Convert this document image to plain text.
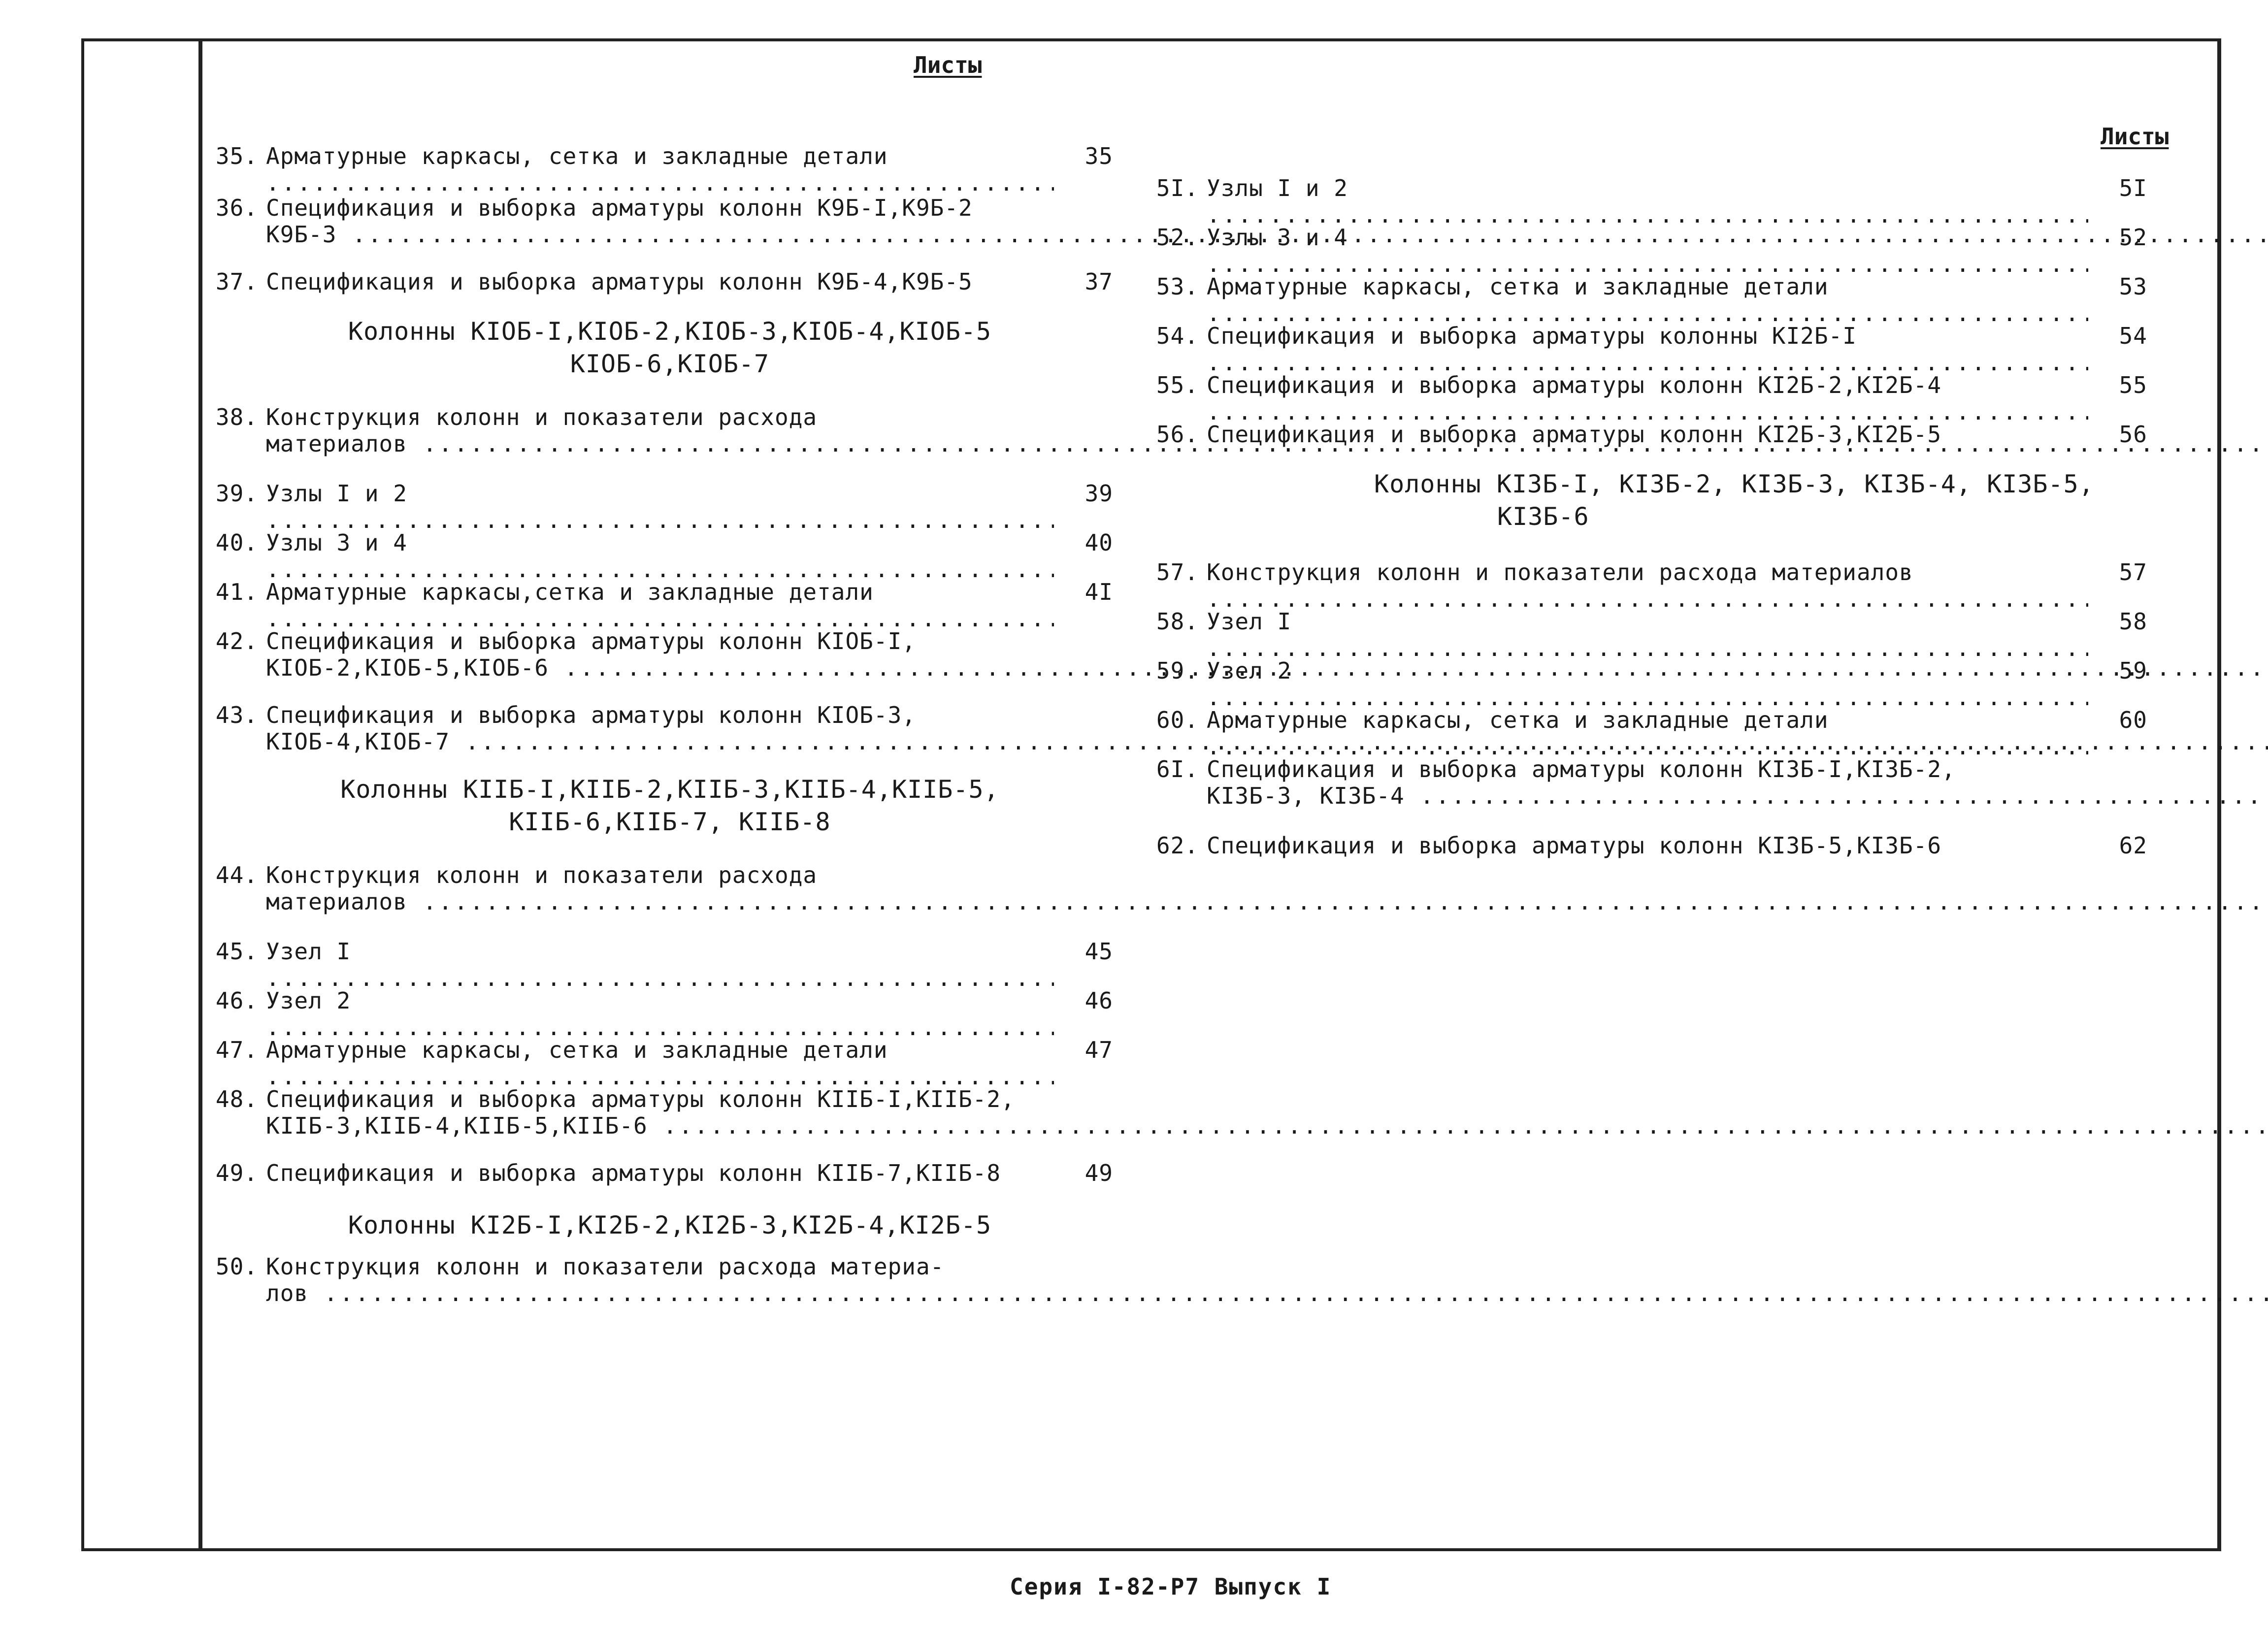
Листы
Листы
35. Арматурные каркасы, сетка и закладные детали .....	35
36. Спецификация и выборка арматуры колонн К9Б-I,К9Б-2
К9Б-3 .....
37. Спецификация и выборка арматуры колонн К9Б-4,К9Б-5	37
Колонны КIОБ-I,КIОБ-2,КIОБ-3,КIОБ-4,КIОБ-5
КIОБ-6,КIОБ-7
38. Конструкция колонн и показатели расхода
материалов .....
39. Узлы I и 2 .....	39
40. Узлы 3 и 4 .....	40
41. Арматурные каркасы,сетка и закладные детали .....	4I
42. Спецификация и выборка арматуры колонн КIОБ-I,
КIОБ-2,КIОБ-5,КIОБ-6 .....
43. Спецификация и выборка арматуры колонн КIОБ-3,
КIОБ-4,КIОБ-7 .....
Колонны КIIБ-I,КIIБ-2,КIIБ-3,КIIБ-4,КIIБ-5,
КIIБ-6,КIIБ-7, КIIБ-8
44. Конструкция колонн и показатели расхода
материалов .....
45. Узел I .....	45
46. Узел 2 .....	46
47. Арматурные каркасы, сетка и закладные детали .....	47
48. Спецификация и выборка арматуры колонн КIIБ-I,КIIБ-2,
КIIБ-3,КIIБ-4,КIIБ-5,КIIБ-6 .....
49. Спецификация и выборка арматуры колонн КIIБ-7,КIIБ-8	49
Колонны КI2Б-I,КI2Б-2,КI2Б-3,КI2Б-4,КI2Б-5
50. Конструкция колонн и показатели расхода материа-
лов .....
5I. Узлы I и 2 .....	5I
52. Узлы 3 и 4 .....	52
53. Арматурные каркасы, сетка и закладные детали .....	53
54. Спецификация и выборка арматуры колонны КI2Б-I .....	54
55. Спецификация и выборка арматуры колонн КI2Б-2,КI2Б-4 .....	55
56. Спецификация и выборка арматуры колонн КI2Б-3,КI2Б-5	56
Колонны КI3Б-I, КI3Б-2, КI3Б-3, КI3Б-4, КI3Б-5,
КI3Б-6
57. Конструкция колонн и показатели расхода материалов .....	57
58. Узел I .....	58
59. Узел 2 .....	59
60. Арматурные каркасы, сетка и закладные детали .....	60
6I. Спецификация и выборка арматуры колонн КI3Б-I,КI3Б-2,
КI3Б-3, КI3Б-4 .....
62. Спецификация и выборка арматуры колонн КI3Б-5,КI3Б-6	62
Серия I-82-Р7 Выпуск I
